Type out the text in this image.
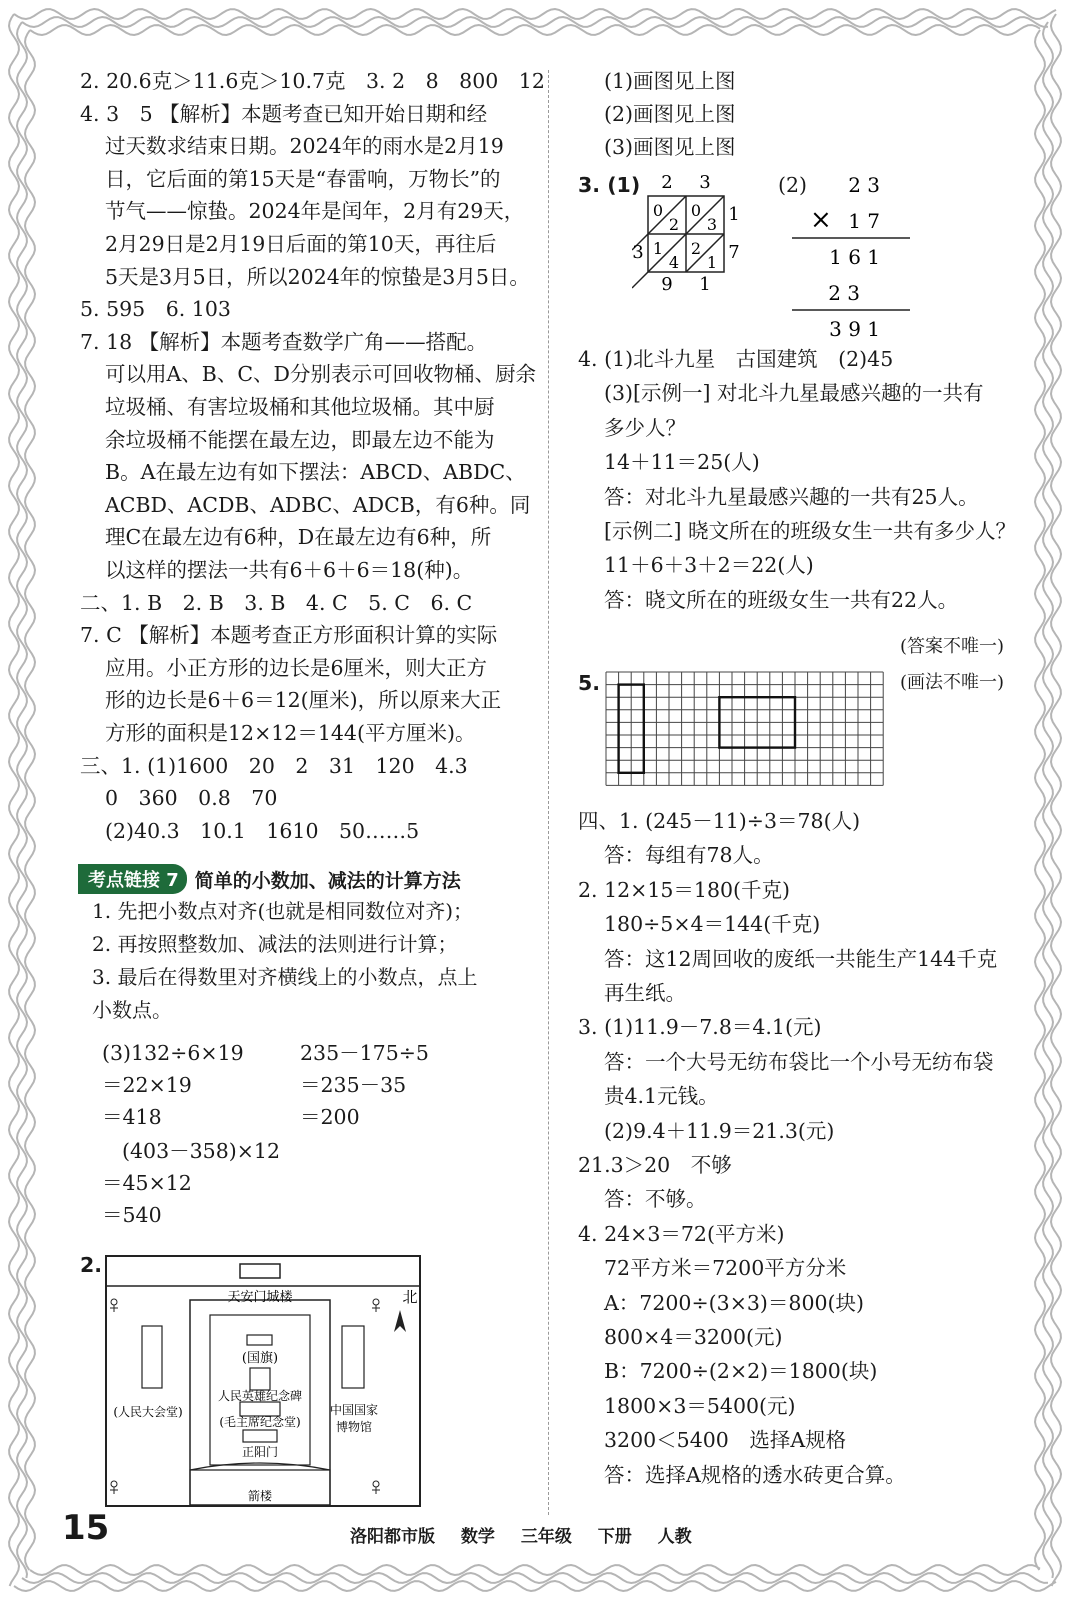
2. 20.6克＞11.6克＞10.7克　3. 2　8　800　12
4. 3　5 【解析】本题考查已知开始日期和经
过天数求结束日期。2024年的雨水是2月19
日，它后面的第15天是“春雷响，万物长”的
节气——惊蛰。2024年是闰年，2月有29天，
2月29日是2月19日后面的第10天，再往后
5天是3月5日，所以2024年的惊蛰是3月5日。
5. 595　6. 103
7. 18 【解析】本题考查数学广角——搭配。
可以用A、B、C、D分别表示可回收物桶、厨余
垃圾桶、有害垃圾桶和其他垃圾桶。其中厨
余垃圾桶不能摆在最左边，即最左边不能为
B。A在最左边有如下摆法：ABCD、ABDC、
ACBD、ACDB、ADBC、ADCB，有6种。同
理C在最左边有6种，D在最左边有6种，所
以这样的摆法一共有6＋6＋6＝18(种)。
二、1. B　2. B　3. B　4. C　5. C　6. C
7. C 【解析】本题考查正方形面积计算的实际
应用。小正方形的边长是6厘米，则大正方
形的边长是6＋6＝12(厘米)，所以原来大正
方形的面积是12×12＝144(平方厘米)。
三、1. (1)1600　20　2　31　120　4.3
0　360　0.8　70
(2)40.3　10.1　1610　50……5
考点链接 7 简单的小数加、减法的计算方法
1. 先把小数点对齐(也就是相同数位对齐)；
2. 再按照整数加、减法的法则进行计算；
3. 最后在得数里对齐横线上的小数点，点上
小数点。
(3)132÷6×19
＝22×19
＝418
(403－358)×12
＝45×12
＝540
235－175÷5
＝235－35
＝200
2.
天安门城楼
(国旗)
人民英雄纪念碑
(毛主席纪念堂)
(人民大会堂)	中国国家
博物馆
正阳门
箭楼
北
(1)画图见上图
(2)画图见上图
(3)画图见上图
3. (1)	(2)
2 3
0
2
0
3
1
4
2
1
1
7
3
9 1
2 3
× 1 7
1 6 1
2 3
3 9 1
4. (1)北斗九星　古国建筑　(2)45
(3)[示例一] 对北斗九星最感兴趣的一共有
多少人？
14＋11＝25(人)
答：对北斗九星最感兴趣的一共有25人。
[示例二] 晓文所在的班级女生一共有多少人？
11＋6＋3＋2＝22(人)
答：晓文所在的班级女生一共有22人。
(答案不唯一)
5.	(画法不唯一)
四、1. (245－11)÷3＝78(人)
答：每组有78人。
2. 12×15＝180(千克)
180÷5×4＝144(千克)
答：这12周回收的废纸一共能生产144千克
再生纸。
3. (1)11.9－7.8＝4.1(元)
答：一个大号无纺布袋比一个小号无纺布袋
贵4.1元钱。
(2)9.4＋11.9＝21.3(元)
21.3＞20　不够
答：不够。
4. 24×3＝72(平方米)
72平方米＝7200平方分米
A：7200÷(3×3)＝800(块)
800×4＝3200(元)
B：7200÷(2×2)＝1800(块)
1800×3＝5400(元)
3200＜5400　选择A规格
答：选择A规格的透水砖更合算。
15	洛阳都市版 数学 三年级 下册 人教
